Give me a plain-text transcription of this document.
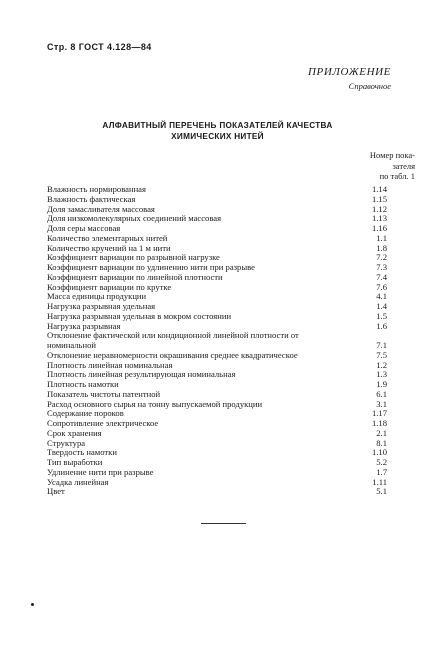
Стр. 8 ГОСТ 4.128—84
ПРИЛОЖЕНИЕ
Справочное
АЛФАВИТНЫЙ ПЕРЕЧЕНЬ ПОКАЗАТЕЛЕЙ КАЧЕСТВА
ХИМИЧЕСКИХ НИТЕЙ
Номер пока-
зателя
по табл. 1
Влажность нормированная	1.14
Влажность фактическая	1.15
Доля замасливателя массовая	1.12
Доля низкомолекулярных соединений массовая	1.13
Доля серы массовая	1.16
Количество элементарных нитей	1.1
Количество кручений на 1 м нити	1.8
Коэффициент вариации по разрывной нагрузке	7.2
Коэффициент вариации по удлинению нити при разрыве	7.3
Коэффициент вариации по линейной плотности	7.4
Коэффициент вариации по крутке	7.6
Масса единицы продукции	4.1
Нагрузка разрывная удельная	1.4
Нагрузка разрывная удельная в мокром состоянии	1.5
Нагрузка разрывная	1.6
Отклонение фактической или кондиционной линейной плотности от номинальной	7.1
Отклонение неравномерности окрашивания среднее квадратическое	7.5
Плотность линейная номинальная	1.2
Плотность линейная результирующая номинальная	1.3
Плотность намотки	1.9
Показатель чистоты патентной	6.1
Расход основного сырья на тонну выпускаемой продукции	3.1
Содержание пороков	1.17
Сопротивление электрическое	1.18
Срок хранения	2.1
Структура	8.1
Твердость намотки	1.10
Тип выработки	5.2
Удлинение нити при разрыве	1.7
Усадка линейная	1.11
Цвет	5.1
